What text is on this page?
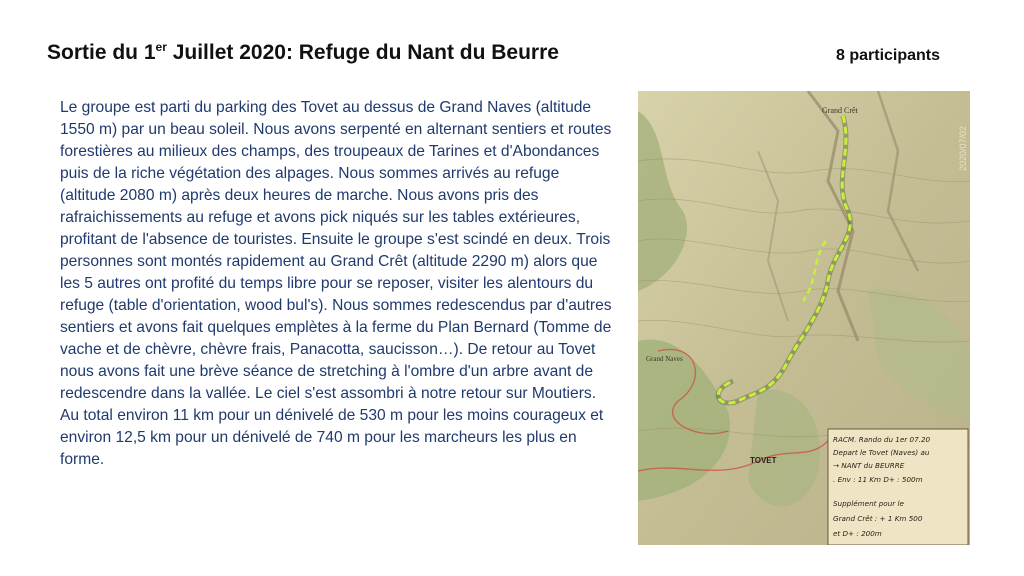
Sortie du 1er Juillet 2020: Refuge du Nant du Beurre	8 participants
Le groupe est parti du parking des Tovet au dessus de Grand Naves (altitude 1550 m) par un beau soleil. Nous avons serpenté en alternant sentiers et routes forestières au milieux des champs, des troupeaux de Tarines et d'Abondances puis de la riche végétation des alpages. Nous sommes arrivés au refuge (altitude 2080 m) après deux heures de marche. Nous avons pris des rafraichissements au refuge et avons pick niqués sur les tables extérieures, profitant de l'absence de touristes. Ensuite le groupe s'est scindé en deux. Trois personnes sont montés rapidement au Grand Crêt (altitude 2290 m) alors que les 5 autres ont profité du temps libre pour se reposer, visiter les alentours du refuge (table d'orientation, wood bul's). Nous sommes redescendus par d'autres sentiers et avons fait quelques emplètes à la ferme du Plan Bernard (Tomme de vache et de chèvre, chèvre frais, Panacotta, saucisson…). De retour au Tovet nous avons fait une brève séance de stretching à l'ombre d'un arbre avant de redescendre dans la vallée. Le ciel s'est assombri à notre retour sur Moutiers. Au total environ 11 km pour un dénivelé de 530 m pour les moins courageux et environ 12,5 km pour un dénivelé de 740 m pour les marcheurs les plus en forme.
Grand Crêt
Grand Naves
TOVET
2020/07/02
RACM. Rando du 1er 07.20
Depart le Tovet (Naves) au
→ NANT du BEURRE
. Env : 11 Km D+ : 500m
Supplément pour le
Grand Crêt : + 1 Km 500
et D+ : 200m
